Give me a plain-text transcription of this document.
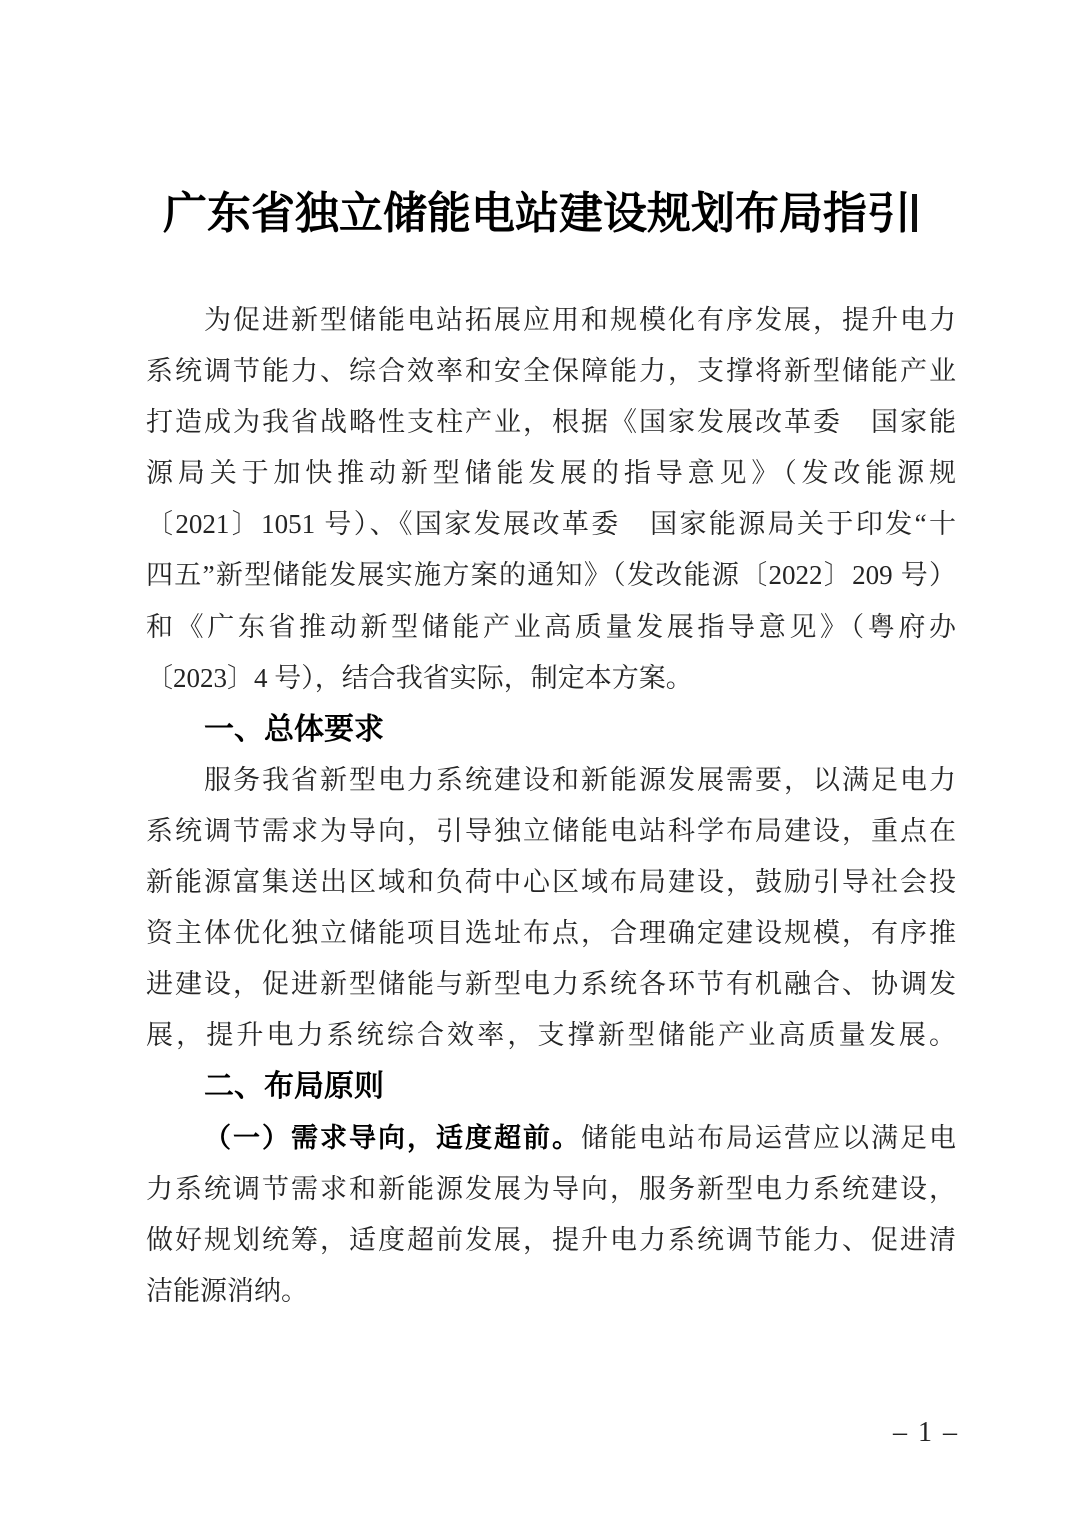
广东省独立储能电站建设规划布局指引
为促进新型储能电站拓展应用和规模化有序发展，提升电力
系统调节能力、综合效率和安全保障能力，支撑将新型储能产业
打造成为我省战略性支柱产业，根据《国家发展改革委　国家能
源局关于加快推动新型储能发展的指导意见》（发改能源规
〔2021〕1051 号）、《国家发展改革委　国家能源局关于印发“十
四五”新型储能发展实施方案的通知》（发改能源〔2022〕209 号）
和《广东省推动新型储能产业高质量发展指导意见》（粤府办
〔2023〕4 号），结合我省实际，制定本方案。
一、总体要求
服务我省新型电力系统建设和新能源发展需要，以满足电力
系统调节需求为导向，引导独立储能电站科学布局建设，重点在
新能源富集送出区域和负荷中心区域布局建设，鼓励引导社会投
资主体优化独立储能项目选址布点，合理确定建设规模，有序推
进建设，促进新型储能与新型电力系统各环节有机融合、协调发
展，提升电力系统综合效率，支撑新型储能产业高质量发展。
二、布局原则
（一）需求导向，适度超前。储能电站布局运营应以满足电
力系统调节需求和新能源发展为导向，服务新型电力系统建设，
做好规划统筹，适度超前发展，提升电力系统调节能力、促进清
洁能源消纳。
– 1 –
